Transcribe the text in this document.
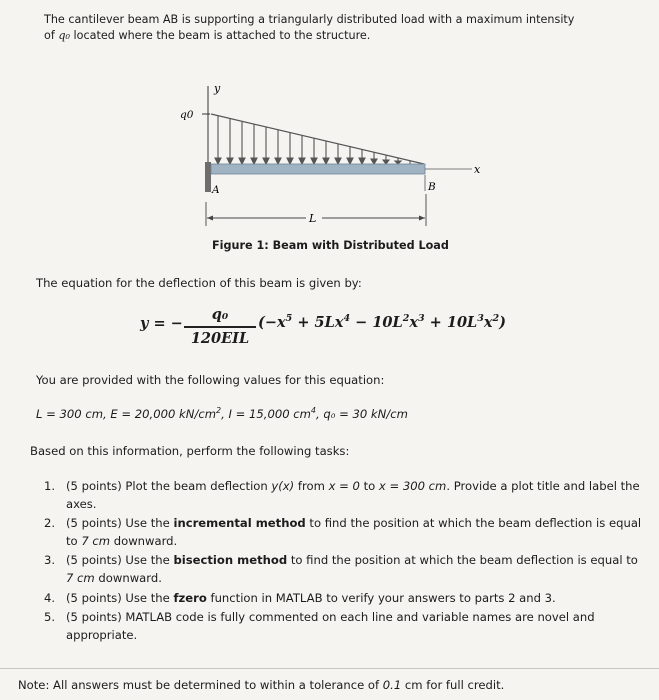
The cantilever beam AB is supporting a triangularly distributed load with a maximum intensity
of q₀ located where the beam is attached to the structure.
y
q0
x
A	B
L
Figure 1: Beam with Distributed Load
The equation for the deflection of this beam is given by:
y = −
q₀
120EIL
$(-x^5 + 5Lx^4 - 10L^2x^3 + 10L^3x^2)$
You are provided with the following values for this equation:
L = 300 cm, E = 20,000 $kN/cm^2$, I = 15,000 $cm^4$, q₀ = 30 kN/cm
Based on this information, perform the following tasks:
1. (5 points) Plot the beam deflection y(x) from x = 0 to x = 300 cm. Provide a plot title and label the axes.
2. (5 points) Use the incremental method to find the position at which the beam deflection is equal to 7 cm downward.
3. (5 points) Use the bisection method to find the position at which the beam deflection is equal to 7 cm downward.
4. (5 points) Use the fzero function in MATLAB to verify your answers to parts 2 and 3.
5. (5 points) MATLAB code is fully commented on each line and variable names are novel and appropriate.
Note: All answers must be determined to within a tolerance of 0.1 cm for full credit.
